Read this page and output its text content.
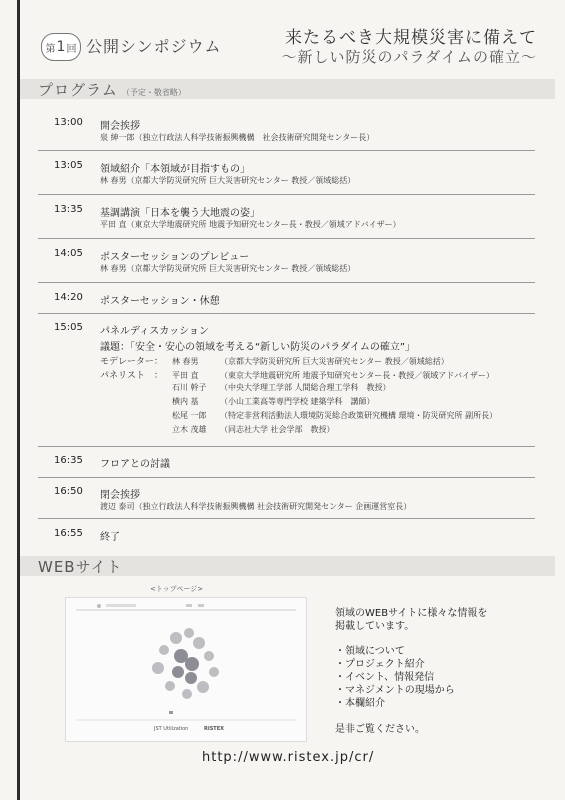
第 1 回 公開シンポジウム	来たるべき大規模災害に備えて
〜新しい防災のパラダイムの確立〜
プログラム （予定・敬省略）
13:00	開会挨拶
泉 紳一郎（独立行政法人科学技術振興機構　社会技術研究開発センター長）
13:05	領域紹介「本領域が目指すもの」
林 春男（京都大学防災研究所 巨大災害研究センター 教授／領域総括）
13:35	基調講演「日本を襲う大地震の姿」
平田 直（東京大学地震研究所 地震予知研究センター長・教授／領域アドバイザー）
14:05	ポスターセッションのプレビュー
林 春男（京都大学防災研究所 巨大災害研究センター 教授／領域総括）
14:20	ポスターセッション・休憩
15:05	パネルディスカッション
議題：「安全・安心の領域を考える“新しい防災のパラダイムの確立”」
モデレーター： 林 春男	（京都大学防災研究所 巨大災害研究センター 教授／領域総括）
パネリスト　： 平田 直	（東京大学地震研究所 地震予知研究センター長・教授／領域アドバイザー）
石川 幹子 （中央大学理工学部 人間総合理工学科　教授）
横内 基	（小山工業高等専門学校 建築学科　講師）
松尾 一郎 （特定非営利活動法人環境防災総合政策研究機構 環境・防災研究所 副所長）
立木 茂雄 （同志社大学 社会学部　教授）
16:35	フロアとの討議
16:50	閉会挨拶
渡辺 泰司（独立行政法人科学技術振興機構 社会技術研究開発センター 企画運営室長）
16:55	終了
WEBサイト
<トップページ>
JST Utilization	RISTEX
領域のWEBサイトに様々な情報を
掲載しています。
・領域について
・プロジェクト紹介
・イベント、情報発信
・マネジメントの現場から
・本欄紹介
是非ご覧ください。
http://www.ristex.jp/cr/
